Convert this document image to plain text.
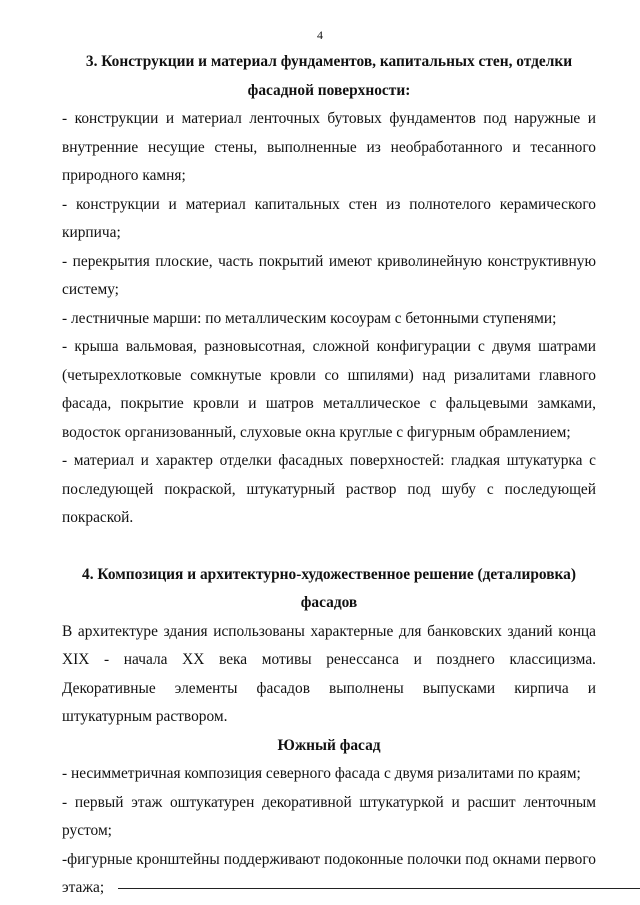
4

3. Конструкции и материал фундаментов, капитальных стен, отделки фасадной поверхности:

- конструкции и материал ленточных бутовых фундаментов под наружные и внутренние несущие стены, выполненные из необработанного и тесанного природного камня;

- конструкции и материал капитальных стен из полнотелого керамического кирпича;

- перекрытия плоские, часть покрытий имеют криволинейную конструктивную систему;

- лестничные марши: по металлическим косоурам с бетонными ступенями;

- крыша вальмовая, разновысотная, сложной конфигурации с двумя шатрами (четырехлотковые сомкнутые кровли со шпилями) над ризалитами главного фасада, покрытие кровли и шатров металлическое с фальцевыми замками, водосток организованный, слуховые окна круглые с фигурным обрамлением;

- материал и характер отделки фасадных поверхностей: гладкая штукатурка с последующей покраской, штукатурный раствор под шубу с последующей покраской.

4. Композиция и архитектурно-художественное решение (деталировка) фасадов

В архитектуре здания использованы характерные для банковских зданий конца XIX - начала XX века мотивы ренессанса и позднего классицизма. Декоративные элементы фасадов выполнены выпусками кирпича и штукатурным раствором.

Южный фасад

- несимметричная композиция северного фасада с двумя ризалитами по краям;

- первый этаж оштукатурен декоративной штукатуркой и расшит ленточным рустом;

-фигурные кронштейны поддерживают подоконные полочки под окнами первого этажа;
